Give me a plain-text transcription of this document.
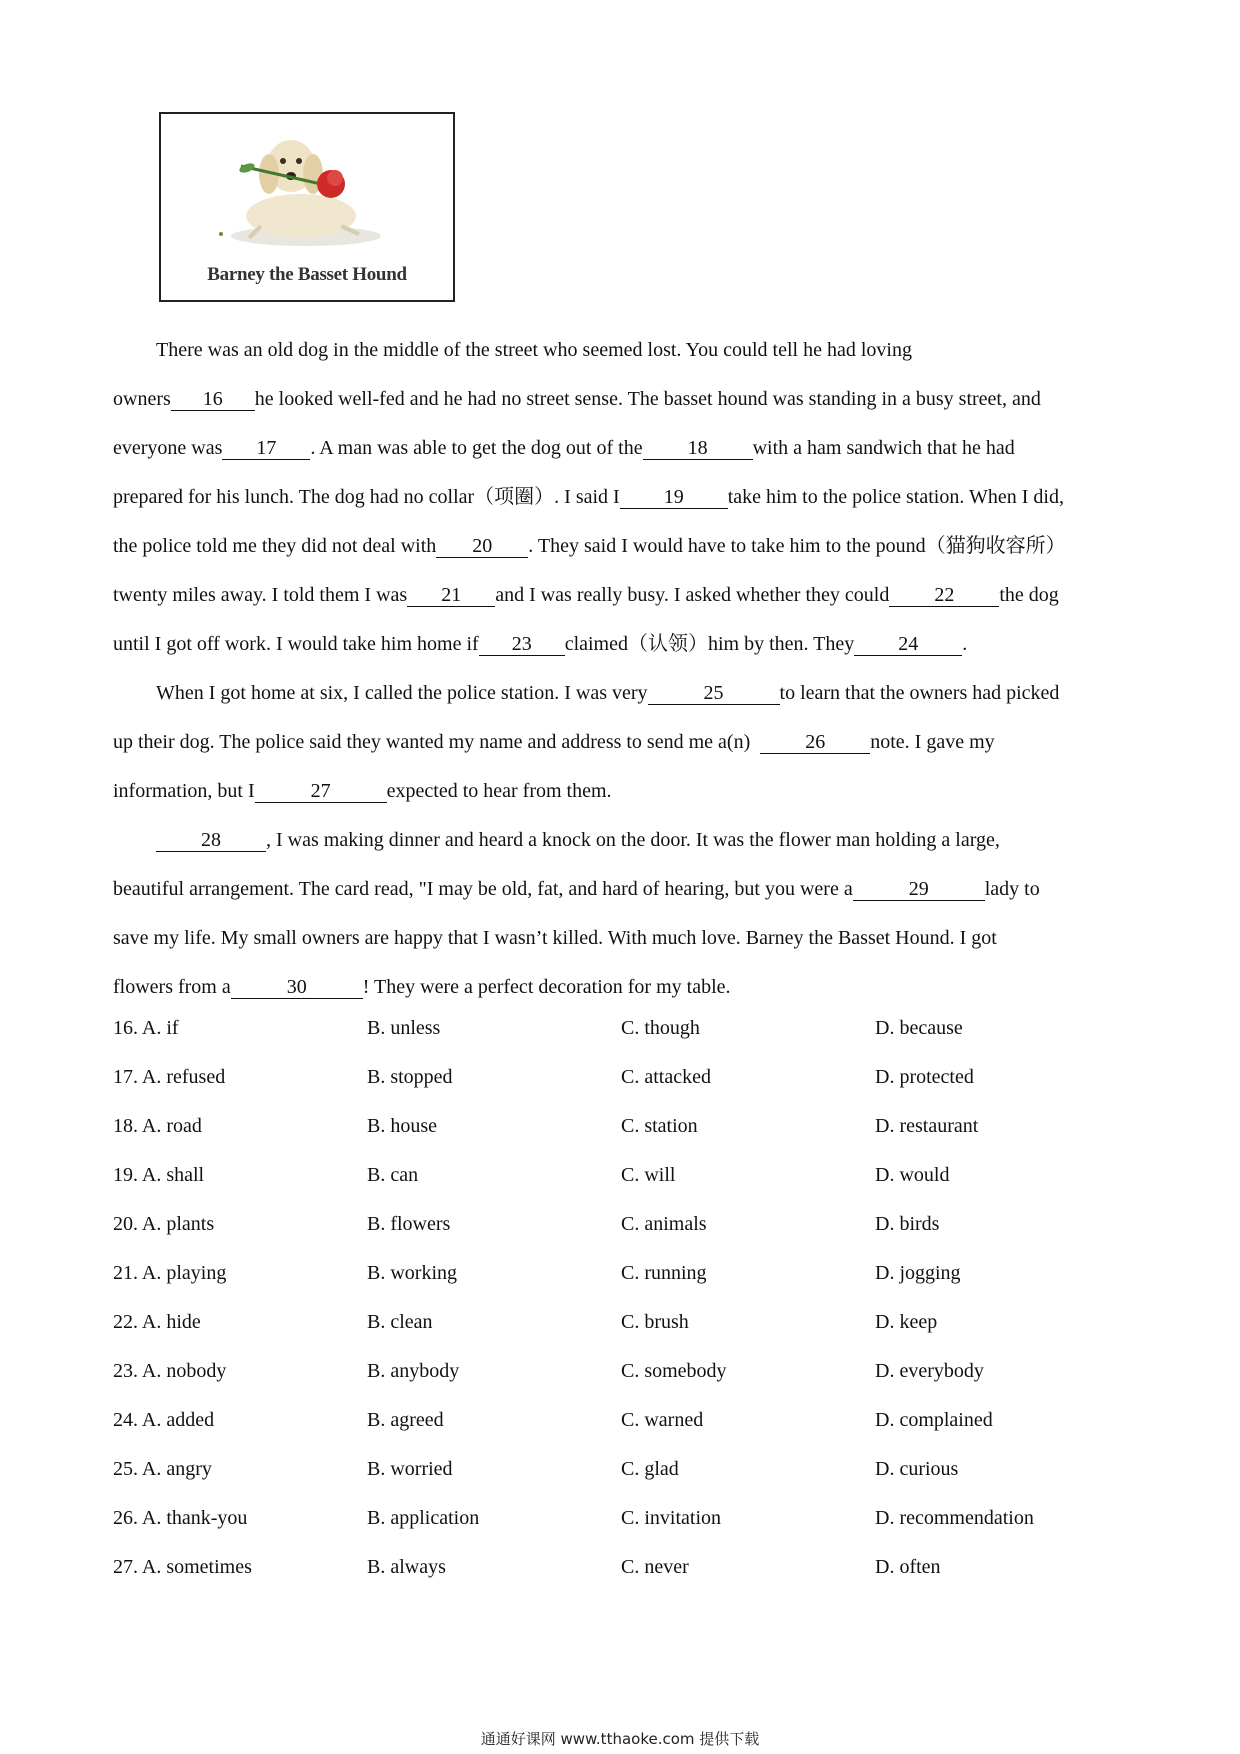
Barney the Basset Hound
There was an old dog in the middle of the street who seemed lost. You could tell he had loving
owners 16 he looked well-fed and he had no street sense. The basset hound was standing in a busy street, and
everyone was 17 . A man was able to get the dog out of the 18 with a ham sandwich that he had
prepared for his lunch. The dog had no collar（项圈）. I said I 19 take him to the police station. When I did,
the police told me they did not deal with 20 . They said I would have to take him to the pound（猫狗收容所）
twenty miles away. I told them I was 21 and I was really busy. I asked whether they could 22 the dog
until I got off work. I would take him home if 23 claimed（认领）him by then. They 24 .
When I got home at six, I called the police station. I was very	25	to learn that the owners had picked
up their dog. The police said they wanted my name and address to send me a(n)	26 note. I gave my
information, but I	27	expected to hear from them.
28 , I was making dinner and heard a knock on the door. It was the flower man holding a large,
beautiful arrangement. The card read, "I may be old, fat, and hard of hearing, but you were a	29	lady to
save my life. My small owners are happy that I wasn’t killed. With much love. Barney the Basset Hound. I got
flowers from a	30	! They were a perfect decoration for my table.
16. A. if	B. unless	C. though	D. because
17. A. refused	B. stopped	C. attacked	D. protected
18. A. road	B. house	C. station	D. restaurant
19. A. shall	B. can	C. will	D. would
20. A. plants	B. flowers	C. animals	D. birds
21. A. playing	B. working	C. running	D. jogging
22. A. hide	B. clean	C. brush	D. keep
23. A. nobody	B. anybody	C. somebody	D. everybody
24. A. added	B. agreed	C. warned	D. complained
25. A. angry	B. worried	C. glad	D. curious
26. A. thank-you	B. application	C. invitation	D. recommendation
27. A. sometimes	B. always	C. never	D. often
通通好课网 www.tthaoke.com 提供下载
